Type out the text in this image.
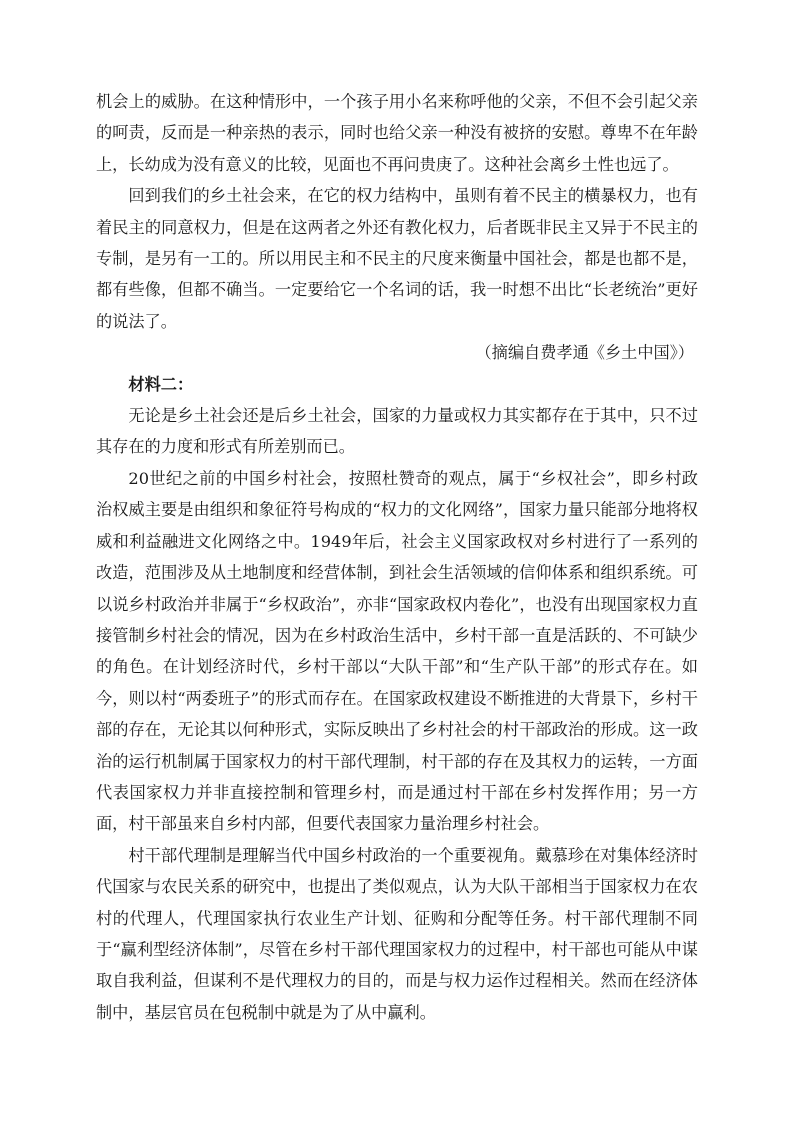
机会上的威胁。在这种情形中，一个孩子用小名来称呼他的父亲，不但不会引起父亲的呵责，反而是一种亲热的表示，同时也给父亲一种没有被挤的安慰。尊卑不在年龄上，长幼成为没有意义的比较，见面也不再问贵庚了。这种社会离乡土性也远了。

回到我们的乡土社会来，在它的权力结构中，虽则有着不民主的横暴权力，也有着民主的同意权力，但是在这两者之外还有教化权力，后者既非民主又异于不民主的专制，是另有一工的。所以用民主和不民主的尺度来衡量中国社会，都是也都不是，都有些像，但都不确当。一定要给它一个名词的话，我一时想不出比“长老统治”更好的说法了。

（摘编自费孝通《乡土中国》）

材料二：

无论是乡土社会还是后乡土社会，国家的力量或权力其实都存在于其中，只不过其存在的力度和形式有所差别而已。

20世纪之前的中国乡村社会，按照杜赞奇的观点，属于“乡权社会”，即乡村政治权威主要是由组织和象征符号构成的“权力的文化网络”，国家力量只能部分地将权威和利益融进文化网络之中。1949年后，社会主义国家政权对乡村进行了一系列的改造，范围涉及从土地制度和经营体制，到社会生活领域的信仰体系和组织系统。可以说乡村政治并非属于“乡权政治”，亦非“国家政权内卷化”，也没有出现国家权力直接管制乡村社会的情况，因为在乡村政治生活中，乡村干部一直是活跃的、不可缺少的角色。在计划经济时代，乡村干部以“大队干部”和“生产队干部”的形式存在。如今，则以村“两委班子”的形式而存在。在国家政权建设不断推进的大背景下，乡村干部的存在，无论其以何种形式，实际反映出了乡村社会的村干部政治的形成。这一政治的运行机制属于国家权力的村干部代理制，村干部的存在及其权力的运转，一方面代表国家权力并非直接控制和管理乡村，而是通过村干部在乡村发挥作用；另一方面，村干部虽来自乡村内部，但要代表国家力量治理乡村社会。

村干部代理制是理解当代中国乡村政治的一个重要视角。戴慕珍在对集体经济时代国家与农民关系的研究中，也提出了类似观点，认为大队干部相当于国家权力在农村的代理人，代理国家执行农业生产计划、征购和分配等任务。村干部代理制不同于“赢利型经济体制”，尽管在乡村干部代理国家权力的过程中，村干部也可能从中谋取自我利益，但谋利不是代理权力的目的，而是与权力运作过程相关。然而在经济体制中，基层官员在包税制中就是为了从中赢利。
